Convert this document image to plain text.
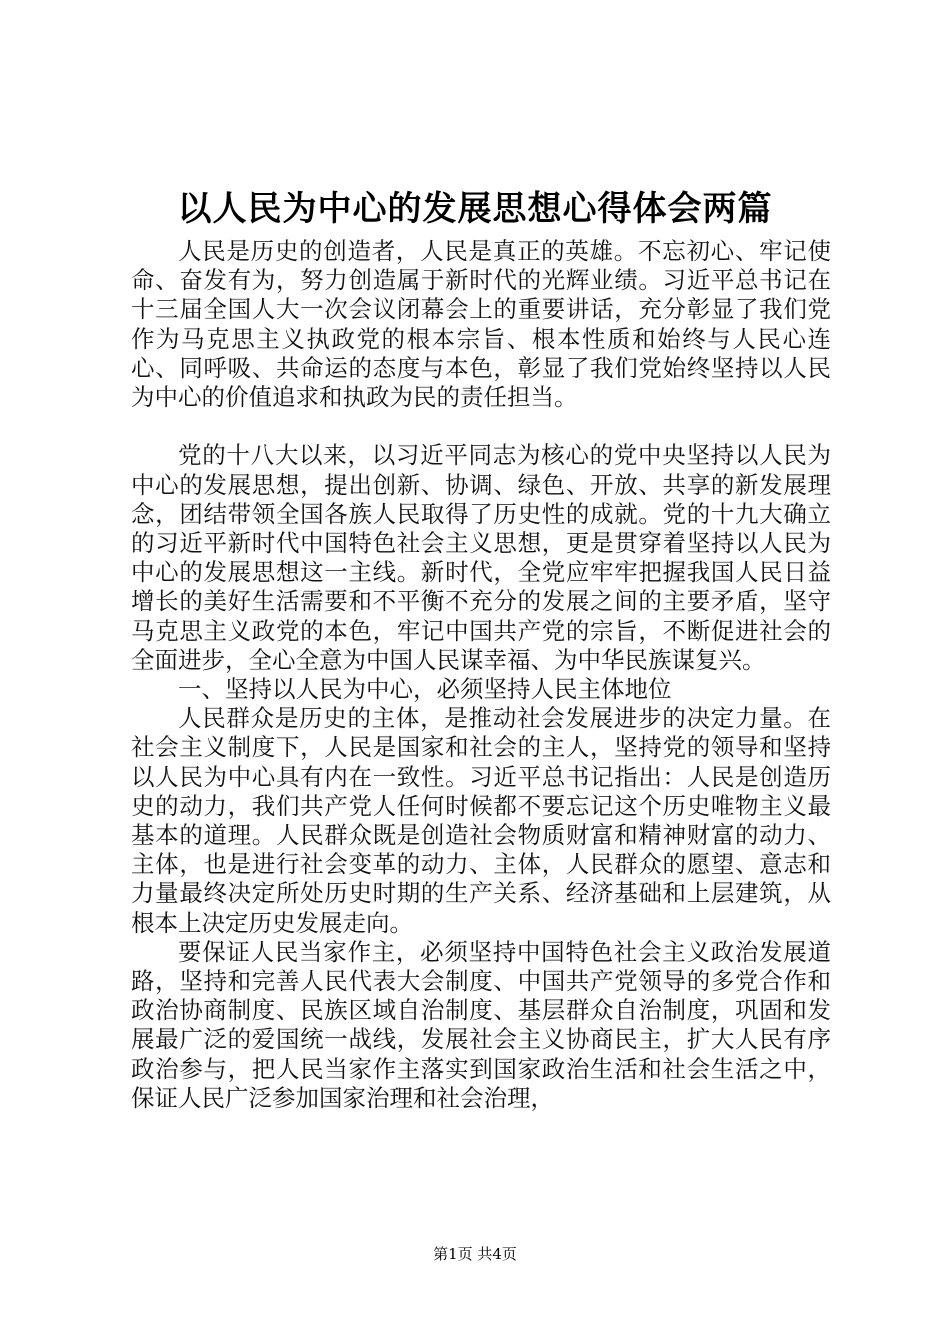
以人民为中心的发展思想心得体会两篇

人民是历史的创造者，人民是真正的英雄。不忘初心、牢记使命、奋发有为，努力创造属于新时代的光辉业绩。习近平总书记在十三届全国人大一次会议闭幕会上的重要讲话，充分彰显了我们党作为马克思主义执政党的根本宗旨、根本性质和始终与人民心连心、同呼吸、共命运的态度与本色，彰显了我们党始终坚持以人民为中心的价值追求和执政为民的责任担当。

党的十八大以来，以习近平同志为核心的党中央坚持以人民为中心的发展思想，提出创新、协调、绿色、开放、共享的新发展理念，团结带领全国各族人民取得了历史性的成就。党的十九大确立的习近平新时代中国特色社会主义思想，更是贯穿着坚持以人民为中心的发展思想这一主线。新时代，全党应牢牢把握我国人民日益增长的美好生活需要和不平衡不充分的发展之间的主要矛盾，坚守马克思主义政党的本色，牢记中国共产党的宗旨，不断促进社会的全面进步，全心全意为中国人民谋幸福、为中华民族谋复兴。

一、坚持以人民为中心，必须坚持人民主体地位

人民群众是历史的主体，是推动社会发展进步的决定力量。在社会主义制度下，人民是国家和社会的主人，坚持党的领导和坚持以人民为中心具有内在一致性。习近平总书记指出：人民是创造历史的动力，我们共产党人任何时候都不要忘记这个历史唯物主义最基本的道理。人民群众既是创造社会物质财富和精神财富的动力、主体，也是进行社会变革的动力、主体，人民群众的愿望、意志和力量最终决定所处历史时期的生产关系、经济基础和上层建筑，从根本上决定历史发展走向。

要保证人民当家作主，必须坚持中国特色社会主义政治发展道路，坚持和完善人民代表大会制度、中国共产党领导的多党合作和政治协商制度、民族区域自治制度、基层群众自治制度，巩固和发展最广泛的爱国统一战线，发展社会主义协商民主，扩大人民有序政治参与，把人民当家作主落实到国家政治生活和社会生活之中，保证人民广泛参加国家治理和社会治理，

第1页 共4页
